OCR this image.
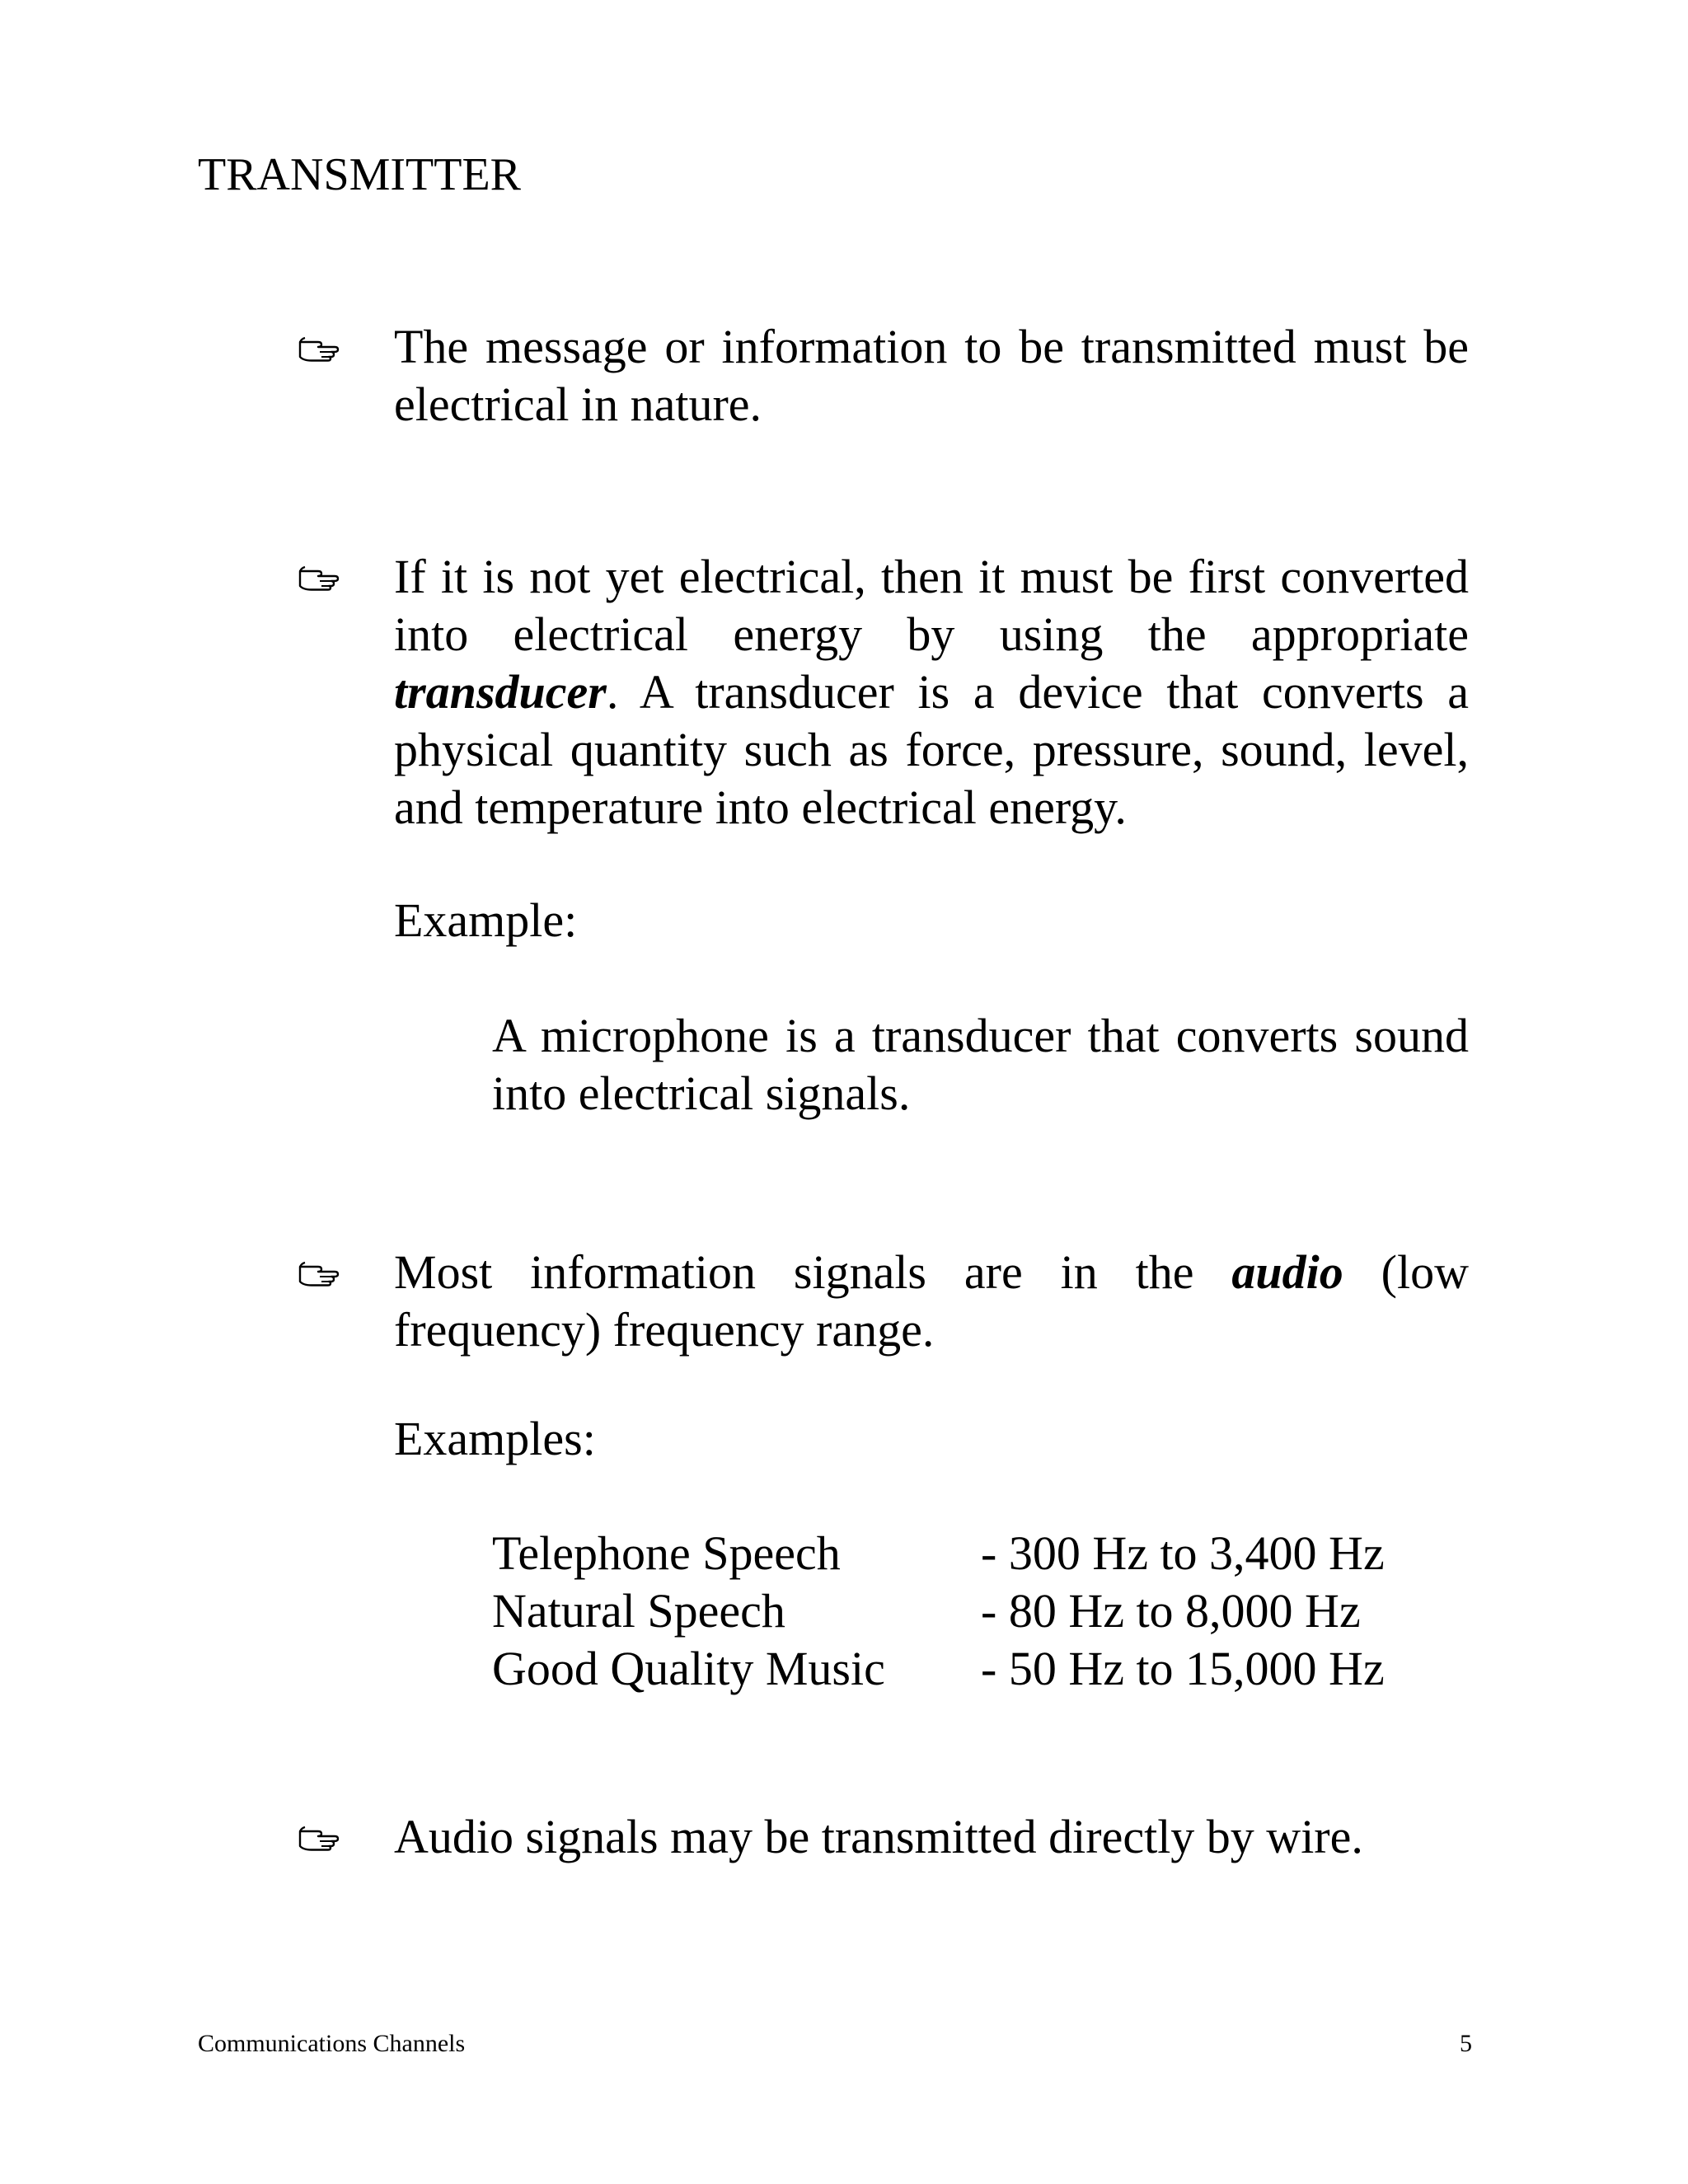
TRANSMITTER
The message or information to be transmitted must be
electrical in nature.
If it is not yet electrical, then it must be first converted
into electrical energy by using the appropriate
transducer. A transducer is a device that converts a
physical quantity such as force, pressure, sound, level,
and temperature into electrical energy.
Example:
A microphone is a transducer that converts sound
into electrical signals.
Most information signals are in the audio (low
frequency) frequency range.
Examples:
Telephone Speech	- 300 Hz to 3,400 Hz
Natural Speech	- 80 Hz to 8,000 Hz
Good Quality Music - 50 Hz to 15,000 Hz
Audio signals may be transmitted directly by wire.
Communications Channels	5
